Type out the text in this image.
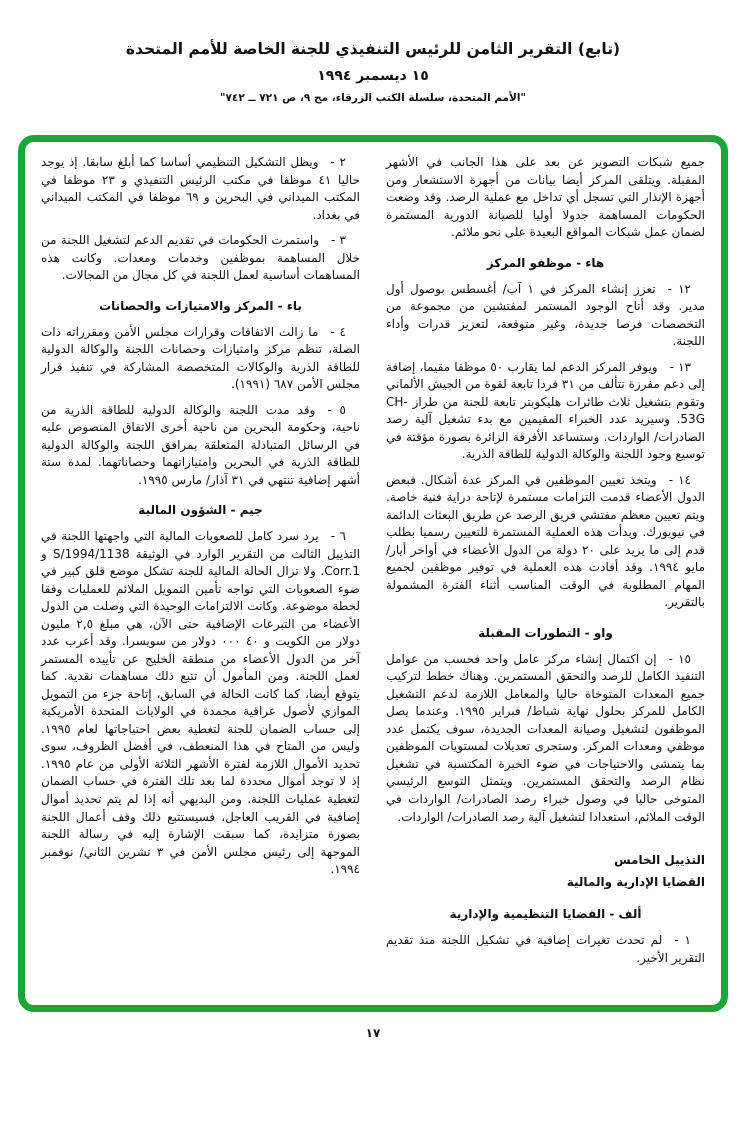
(تابع) التقرير الثامن للرئيس التنفيذي للجنة الخاصة للأمم المتحدة
١٥ ديسمبر ١٩٩٤
"الأمم المتحدة، سلسلة الكتب الزرقاء، مج ٩، ص ٧٢١ ــ ٧٤٢"
جميع شبكات التصوير عن بعد على هذا الجانب في الأشهر المقبلة. ويتلقى المركز أيضا بيانات من أجهزة الاستشعار ومن أجهزة الإنذار التي تسجل أي تداخل مع عملية الرصد. وقد وضعت الحكومات المساهمة جدولا أوليا للصيانة الدورية المستمرة لضمان عمل شبكات المواقع البعيدة على نحو ملائم.
هاء - موظفو المركز
١٢ - تعزز إنشاء المركز في ١ آب/ أغسطس بوصول أول مدير. وقد أتاح الوجود المستمر لمفتشين من مجموعة من التخصصات فرصا جديدة، وغير متوقعة، لتعزيز قدرات وأداء اللجنة.
١٣ - ويوفر المركز الدعم لما يقارب ٥٠ موظفا مقيما، إضافة إلى دعم مفرزة تتألف من ٣١ فردا تابعة لقوة من الجيش الألماني وتقوم بتشغيل ثلاث طائرات هليكوبتر تابعة للجنة من طراز CH-53G. وسيزيد عدد الخبراء المقيمين مع بدء تشغيل آلية رصد الصادرات/ الواردات. وستساعد الأفرقة الزائرة بصورة مؤقتة في توسيع وجود اللجنة والوكالة الدولية للطاقة الذرية.
١٤ - ويتخذ تعيين الموظفين في المركز عدة أشكال. فبعض الدول الأعضاء قدمت التزامات مستمرة لإتاحة دراية فنية خاصة. ويتم تعيين معظم مفتشي فريق الرصد عن طريق البعثات الدائمة في نيويورك. وبدأت هذه العملية المستمرة للتعيين رسميا بطلب قدم إلى ما يزيد على ٢٠ دولة من الدول الأعضاء في أواخر أيار/ مايو ١٩٩٤. وقد أفادت هذه العملية في توفير موظفين لجميع المهام المطلوبة في الوقت المناسب أثناء الفترة المشمولة بالتقرير.
واو - التطورات المقبلة
١٥ - إن اكتمال إنشاء مركز عامل واحد فحسب من عوامل التنفيذ الكامل للرصد والتحقق المستمرين. وهناك خطط لتركيب جميع المعدات المتوخاة حاليا والمعامل اللازمة لدعم التشغيل الكامل للمركز بحلول نهاية شباط/ فبراير ١٩٩٥. وعندما يصل الموظفون لتشغيل وصيانة المعدات الجديدة، سوف يكتمل عدد موظفي ومعدات المركز. وستجرى تعديلات لمستويات الموظفين بما يتمشى والاحتياجات في ضوء الخبرة المكتسبة في تشغيل نظام الرصد والتحقق المستمرين. ويتمثل التوسع الرئيسي المتوخى حاليا في وصول خبراء رصد الصادرات/ الواردات في الوقت الملائم، استعدادا لتشغيل آلية رصد الصادرات/ الواردات.
التذييل الخامس
القضايا الإدارية والمالية
ألف - القضايا التنظيمية والإدارية
١ - لم تحدث تغيرات إضافية في تشكيل اللجنة منذ تقديم التقرير الأخير.
٢ - ويظل التشكيل التنظيمي أساسا كما أبلغ سابقا. إذ يوجد حاليا ٤١ موظفا في مكتب الرئيس التنفيذي و ٢٣ موظفا في المكتب الميداني في البحرين و ٦٩ موظفا في المكتب الميداني في بغداد.
٣ - واستمرت الحكومات في تقديم الدعم لتشغيل اللجنة من خلال المساهمة بموظفين وخدمات ومعدات. وكانت هذه المساهمات أساسية لعمل اللجنة في كل مجال من المجالات.
باء - المركز والامتيازات والحصانات
٤ - ما زالت الاتفاقات وقرارات مجلس الأمن ومقرراته ذات الصلة، تنظم مركز وامتيازات وحصانات اللجنة والوكالة الدولية للطاقة الذرية والوكالات المتخصصة المشاركة في تنفيذ قرار مجلس الأمن ٦٨٧ (١٩٩١).
٥ - وقد مدت اللجنة والوكالة الدولية للطاقة الذرية من ناحية، وحكومة البحرين من ناحية أخرى الاتفاق المنصوص عليه في الرسائل المتبادلة المتعلقة بمرافق اللجنة والوكالة الدولية للطاقة الذرية في البحرين وامتيازاتهما وحصاناتهما. لمدة ستة أشهر إضافية تنتهي في ٣١ آذار/ مارس ١٩٩٥.
جيم - الشؤون المالية
٦ - يرد سرد كامل للصعوبات المالية التي واجهتها اللجنة في التذييل الثالث من التقرير الوارد في الوثيقة S/1994/1138 و Corr.1. ولا تزال الحالة المالية للجنة تشكل موضع قلق كبير في ضوء الصعوبات التي تواجه تأمين التمويل الملائم للعمليات وفقا لخطة موضوعة. وكانت الالتزامات الوحيدة التي وصلت من الدول الأعضاء من التبرعات الإضافية حتى الآن، هي مبلغ ٢,٥ مليون دولار من الكويت و ٤٠ ٠٠٠ دولار من سويسرا. وقد أعرب عدد آخر من الدول الأعضاء من منطقة الخليج عن تأييده المستمر لعمل اللجنة. ومن المأمول أن تتبع ذلك مساهمات نقدية. كما يتوقع أيضا، كما كانت الحالة في السابق، إتاحة جزء من التمويل الموازي لأصول عراقية مجمدة في الولايات المتحدة الأمريكية إلى حساب الضمان للجنة لتغطية بعض احتياجاتها لعام ١٩٩٥. وليس من المتاح في هذا المنعطف، في أفضل الظروف، سوى تحديد الأموال اللازمة لفترة الأشهر الثلاثة الأولى من عام ١٩٩٥. إذ لا توجد أموال محددة لما بعد تلك الفترة في حساب الضمان لتغطية عمليات اللجنة. ومن البديهي أنه إذا لم يتم تحديد أموال إضافية في القريب العاجل، فسيستتبع ذلك وقف أعمال اللجنة بصورة متزايدة، كما سبقت الإشارة إليه في رسالة اللجنة الموجهة إلى رئيس مجلس الأمن في ٣ تشرين الثاني/ نوفمبر ١٩٩٤.
١٧
